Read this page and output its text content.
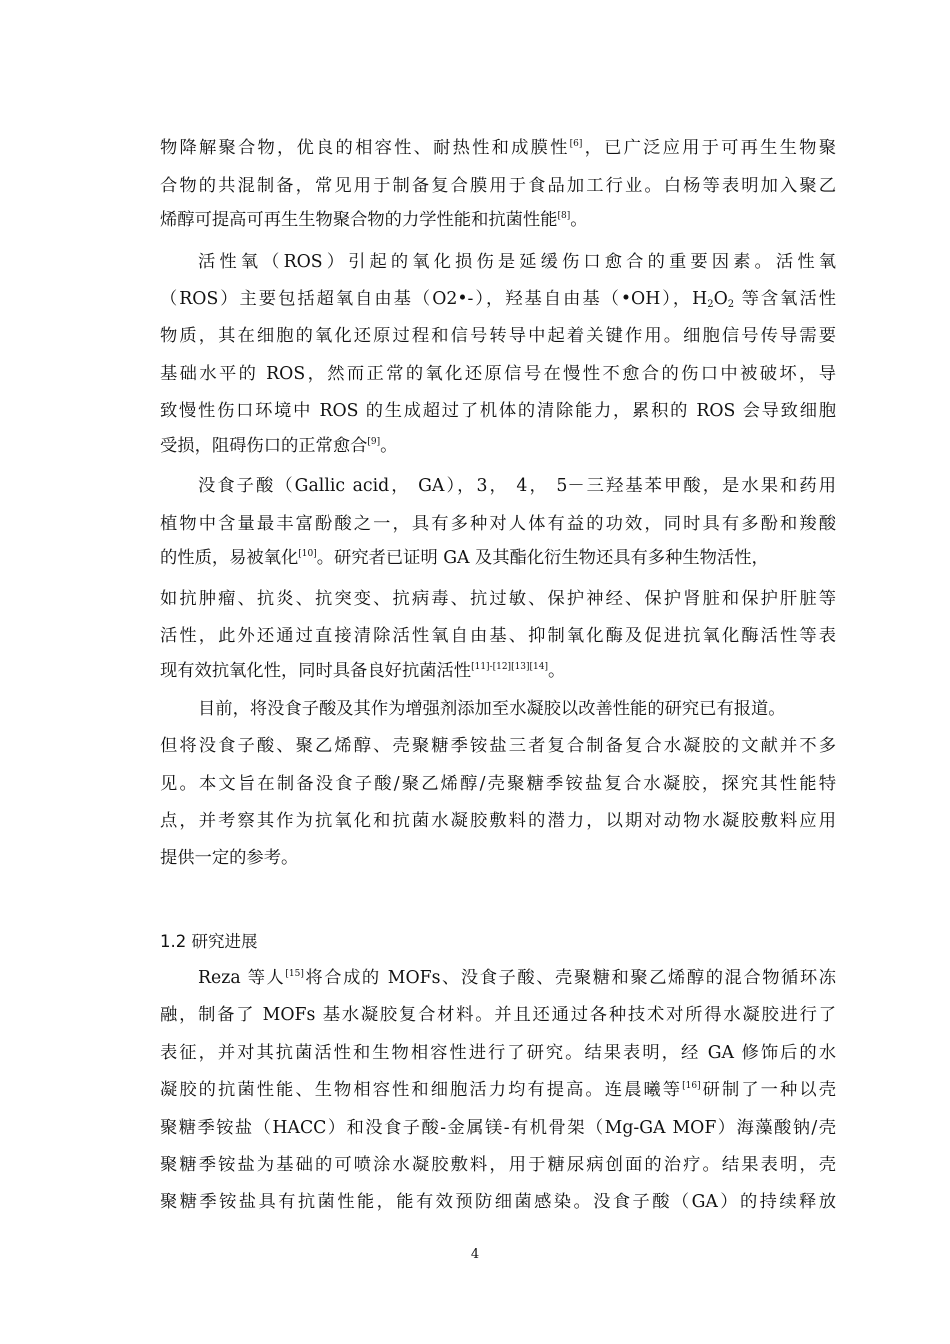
物降解聚合物，优良的相容性、耐热性和成膜性[6]，已广泛应用于可再生生物聚

合物的共混制备，常见用于制备复合膜用于食品加工行业。白杨等表明加入聚乙

烯醇可提高可再生生物聚合物的力学性能和抗菌性能[8]。

活性氧（ROS）引起的氧化损伤是延缓伤口愈合的重要因素。活性氧

（ROS）主要包括超氧自由基（O2•-），羟基自由基（•OH），$H_2O_2$ 等含氧活性

物质，其在细胞的氧化还原过程和信号转导中起着关键作用。细胞信号传导需要

基础水平的 ROS，然而正常的氧化还原信号在慢性不愈合的伤口中被破坏，导

致慢性伤口环境中 ROS 的生成超过了机体的清除能力，累积的 ROS 会导致细胞

受损，阻碍伤口的正常愈合[9]。

没食子酸（Gallic acid， GA），3， 4， 5－三羟基苯甲酸，是水果和药用

植物中含量最丰富酚酸之一，具有多种对人体有益的功效，同时具有多酚和羧酸

的性质，易被氧化[10]。研究者已证明 GA 及其酯化衍生物还具有多种生物活性，

如抗肿瘤、抗炎、抗突变、抗病毒、抗过敏、保护神经、保护肾脏和保护肝脏等

活性，此外还通过直接清除活性氧自由基、抑制氧化酶及促进抗氧化酶活性等表

现有效抗氧化性，同时具备良好抗菌活性[11]-[12][13][14]。

目前，将没食子酸及其作为增强剂添加至水凝胶以改善性能的研究已有报道。

但将没食子酸、聚乙烯醇、壳聚糖季铵盐三者复合制备复合水凝胶的文献并不多

见。本文旨在制备没食子酸/聚乙烯醇/壳聚糖季铵盐复合水凝胶，探究其性能特

点，并考察其作为抗氧化和抗菌水凝胶敷料的潜力，以期对动物水凝胶敷料应用

提供一定的参考。

1.2 研究进展

Reza 等人[15]将合成的 MOFs、没食子酸、壳聚糖和聚乙烯醇的混合物循环冻

融，制备了 MOFs 基水凝胶复合材料。并且还通过各种技术对所得水凝胶进行了

表征，并对其抗菌活性和生物相容性进行了研究。结果表明，经 GA 修饰后的水

凝胶的抗菌性能、生物相容性和细胞活力均有提高。连晨曦等[16]研制了一种以壳

聚糖季铵盐（HACC）和没食子酸-金属镁-有机骨架（Mg-GA MOF）海藻酸钠/壳

聚糖季铵盐为基础的可喷涂水凝胶敷料，用于糖尿病创面的治疗。结果表明，壳

聚糖季铵盐具有抗菌性能，能有效预防细菌感染。没食子酸（GA）的持续释放

4
